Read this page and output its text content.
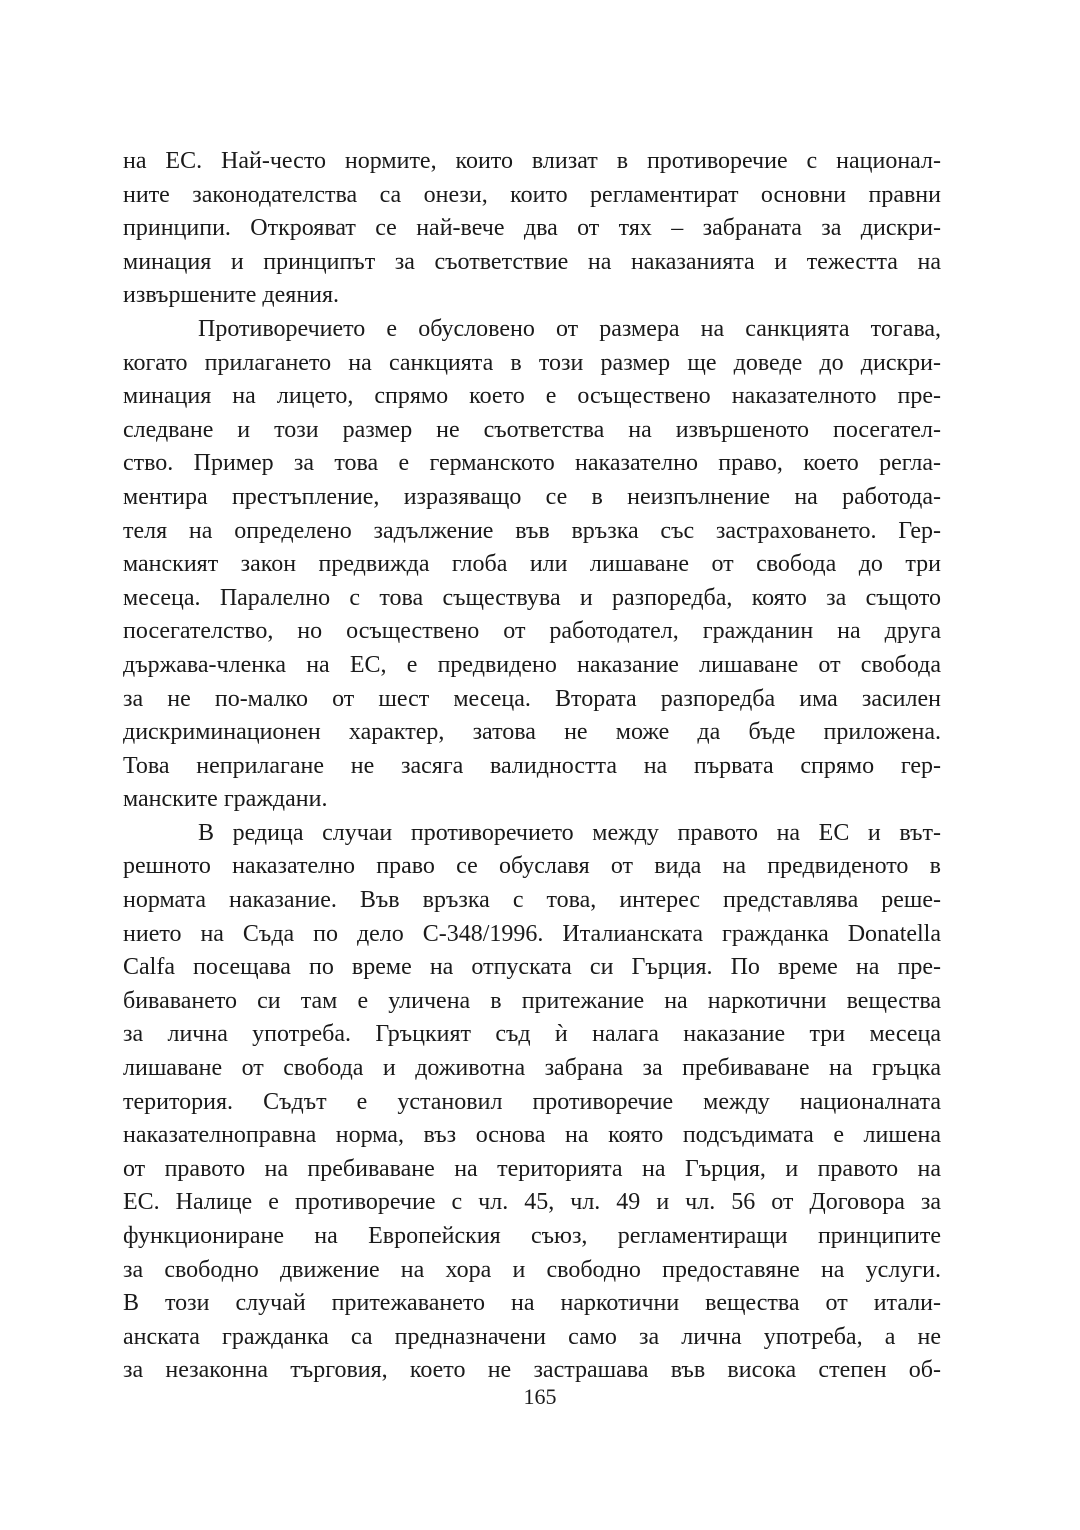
на ЕС. Най-често нормите, които влизат в противоречие с национал-

ните законодателства са онези, които регламентират основни правни

принципи. Открояват се най-вече два от тях – забраната за дискри-

минация и принципът за съответствие на наказанията и тежестта на

извършените деяния.

Противоречието е обусловено от размера на санкцията тогава,

когато прилагането на санкцията в този размер ще доведе до дискри-

минация на лицето, спрямо което е осъществено наказателното пре-

следване и този размер не съответства на извършеното посегател-

ство. Пример за това е германското наказателно право, което регла-

ментира престъпление, изразяващо се в неизпълнение на работода-

теля на определено задължение във връзка със застраховането. Гер-

манският закон предвижда глоба или лишаване от свобода до три

месеца. Паралелно с това съществува и разпоредба, която за същото

посегателство, но осъществено от работодател, гражданин на друга

държава-членка на ЕС, е предвидено наказание лишаване от свобода

за не по-малко от шест месеца. Втората разпоредба има засилен

дискриминационен характер, затова не може да бъде приложена.

Това неприлагане не засяга валидността на първата спрямо гер-

манските граждани.

В редица случаи противоречието между правото на ЕС и вът-

решното наказателно право се обуславя от вида на предвиденото в

нормата наказание. Във връзка с това, интерес представлява реше-

нието на Съда по дело С-348/1996. Италианската гражданка Donatella

Calfa посещава по време на отпуската си Гърция. По време на пре-

биваването си там е уличена в притежание на наркотични вещества

за лична употреба. Гръцкият съд ѝ налага наказание три месеца

лишаване от свобода и доживотна забрана за пребиваване на гръцка

територия. Съдът е установил противоречие между националната

наказателноправна норма, въз основа на която подсъдимата е лишена

от правото на пребиваване на територията на Гърция, и правото на

ЕС. Налице е противоречие с чл. 45, чл. 49 и чл. 56 от Договора за

функциониране на Европейския съюз, регламентиращи принципите

за свободно движение на хора и свободно предоставяне на услуги.

В този случай притежаването на наркотични вещества от итали-

анската гражданка са предназначени само за лична употреба, а не

за незаконна търговия, което не застрашава във висока степен об-

165
